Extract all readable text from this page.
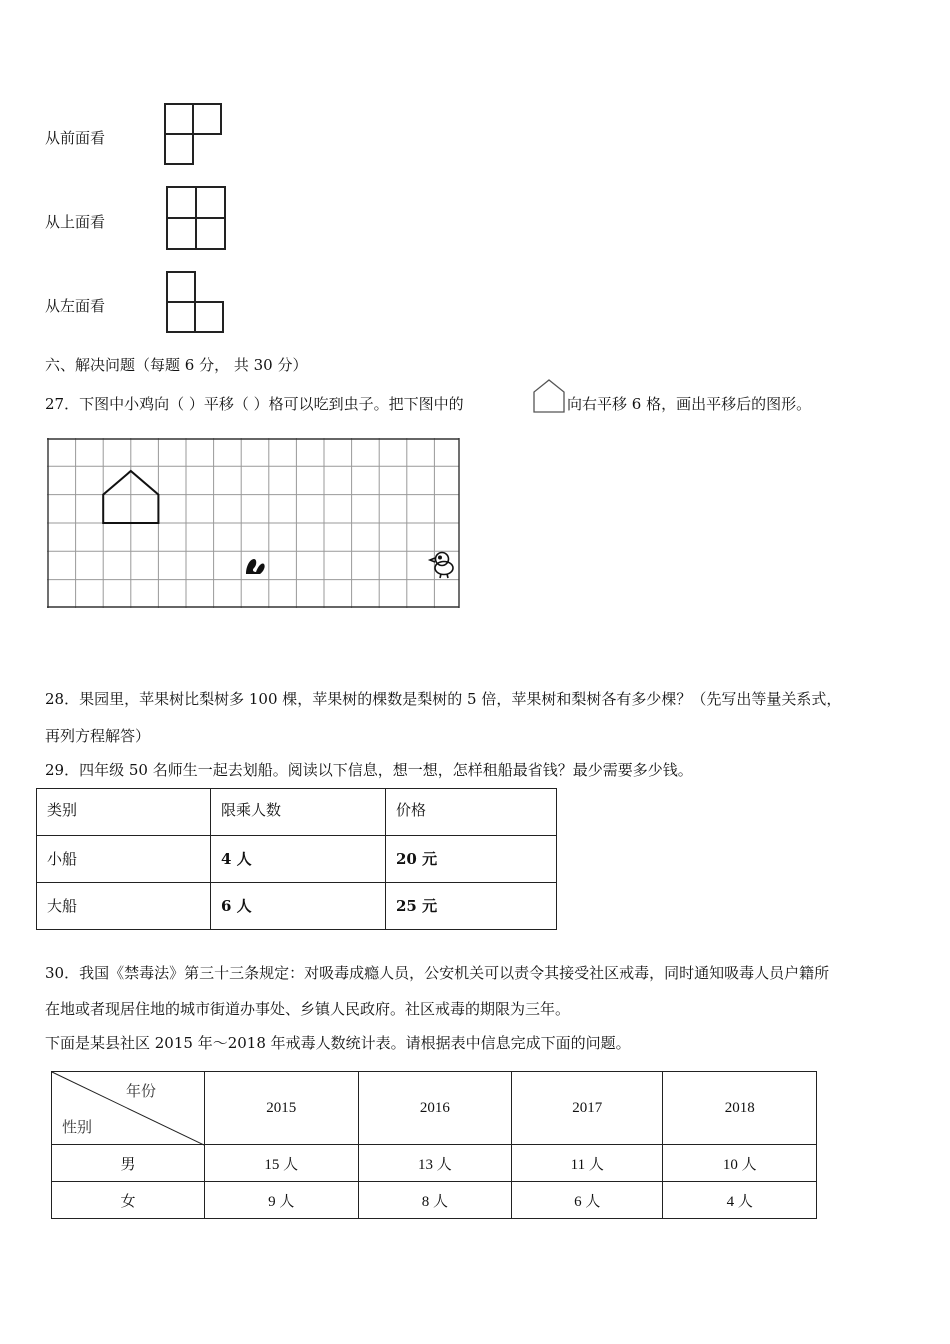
从前面看
从上面看
从左面看
六、解决问题（每题 6 分， 共 30 分）
27．下图中小鸡向（ ）平移（ ）格可以吃到虫子。把下图中的	向右平移 6 格，画出平移后的图形。
28．果园里，苹果树比梨树多 100 棵，苹果树的棵数是梨树的 5 倍，苹果树和梨树各有多少棵？（先写出等量关系式，
再列方程解答）
29．四年级 50 名师生一起去划船。阅读以下信息，想一想，怎样租船最省钱？最少需要多少钱。
类别	限乘人数	价格
小船	4 人	20 元
大船	6 人	25 元
30．我国《禁毒法》第三十三条规定：对吸毒成瘾人员，公安机关可以责令其接受社区戒毒，同时通知吸毒人员户籍所
在地或者现居住地的城市街道办事处、乡镇人民政府。社区戒毒的期限为三年。
下面是某县社区 2015 年～2018 年戒毒人数统计表。请根据表中信息完成下面的问题。
年份
性别	2015	2016	2017	2018
男	15 人	13 人	11 人	10 人
女	9 人	8 人	6 人	4 人
